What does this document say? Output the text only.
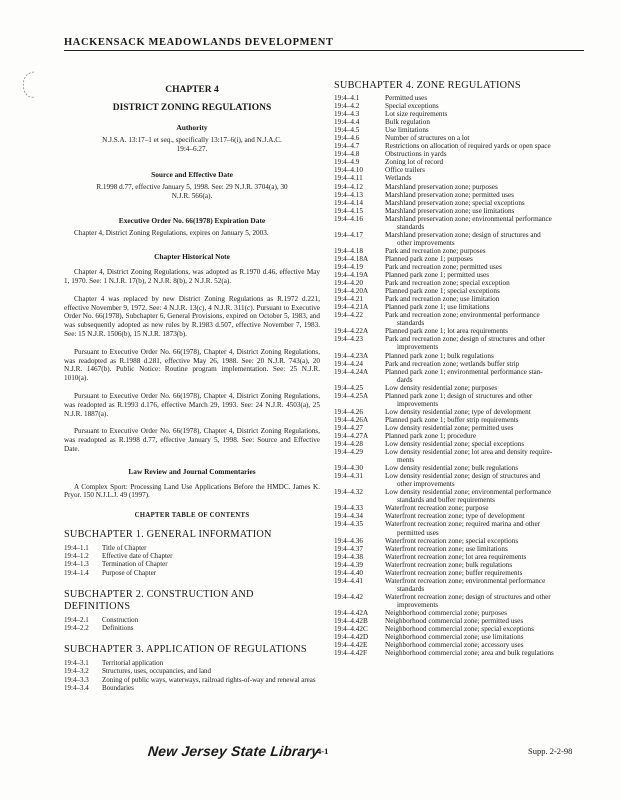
HACKENSACK MEADOWLANDS DEVELOPMENT
CHAPTER 4
DISTRICT ZONING REGULATIONS
Authority
N.J.S.A. 13:17–1 et seq., specifically 13:17–6(i), and N.J.A.C. 19:4–6.27.
Source and Effective Date
R.1998 d.77, effective January 5, 1998. See: 29 N.J.R. 3704(a), 30 N.J.R. 566(a).
Executive Order No. 66(1978) Expiration Date
Chapter 4, District Zoning Regulations, expires on January 5, 2003.
Chapter Historical Note
Chapter 4, District Zoning Regulations, was adopted as R.1970 d.46, effective May 1, 1970. See: 1 N.J.R. 17(b), 2 N.J.R. 8(b), 2 N.J.R. 52(a).
Chapter 4 was replaced by new District Zoning Regulations as R.1972 d.221, effective November 9, 1972. See: 4 N.J.R. 13(c), 4 N.J.R. 311(c). Pursuant to Executive Order No. 66(1978), Subchapter 6, General Provisions, expired on October 5, 1983, and was subsequently adopted as new rules by R.1983 d.507, effective November 7, 1983. See: 15 N.J.R. 1506(b), 15 N.J.R. 1873(b).
Pursuant to Executive Order No. 66(1978), Chapter 4, District Zoning Regulations, was readopted as R.1988 d.281, effective May 26, 1988. See: 20 N.J.R. 743(a), 20 N.J.R. 1467(b). Public Notice: Routine program implementation. See: 25 N.J.R. 1010(a).
Pursuant to Executive Order No. 66(1978), Chapter 4, District Zoning Regulations, was readopted as R.1993 d.176, effective March 29, 1993. See: 24 N.J.R. 4503(a), 25 N.J.R. 1887(a).
Pursuant to Executive Order No. 66(1978), Chapter 4, District Zoning Regulations, was readopted as R.1998 d.77, effective January 5, 1998. See: Source and Effective Date.
Law Review and Journal Commentaries
A Complex Sport: Processing Land Use Applications Before the HMDC. James K. Pryor. 150 N.J.L.J. 49 (1997).
CHAPTER TABLE OF CONTENTS
SUBCHAPTER 1. GENERAL INFORMATION
19:4–1.1	Title of Chapter
19:4–1.2	Effective date of Chapter
19:4–1.3	Termination of Chapter
19:4–1.4	Purpose of Chapter
SUBCHAPTER 2. CONSTRUCTION AND DEFINITIONS
19:4–2.1	Construction
19:4–2.2	Definitions
SUBCHAPTER 3. APPLICATION OF REGULATIONS
19:4–3.1	Territorial application
19:4–3.2	Structures, uses, occupancies, and land
19:4–3.3	Zoning of public ways, waterways, railroad rights-of-way and renewal areas
19:4–3.4	Boundaries
SUBCHAPTER 4. ZONE REGULATIONS
19:4–4.1	Permitted uses
19:4–4.2	Special exceptions
19:4–4.3	Lot size requirements
19:4–4.4	Bulk regulation
19:4–4.5	Use limitations
19:4–4.6	Number of structures on a lot
19:4–4.7	Restrictions on allocation of required yards or open space
19:4–4.8	Obstructions in yards
19:4–4.9	Zoning lot of record
19:4–4.10	Office trailers
19:4–4.11	Wetlands
19:4–4.12	Marshland preservation zone; purposes
19:4–4.13	Marshland preservation zone; permitted uses
19:4–4.14	Marshland preservation zone; special exceptions
19:4–4.15	Marshland preservation zone; use limitations
19:4–4.16	Marshland preservation zone; environmental performance
standards
19:4–4.17	Marshland preservation zone; design of structures and
other improvements
19:4–4.18	Park and recreation zone; purposes
19:4–4.18A	Planned park zone 1; purposes
19:4–4.19	Park and recreation zone; permitted uses
19:4–4.19A	Planned park zone 1; permitted uses
19:4–4.20	Park and recreation zone; special exception
19:4–4.20A	Planned park zone 1; special exceptions
19:4–4.21	Park and recreation zone; use limitation
19:4–4.21A	Planned park zone 1; use limitations
19:4–4.22	Park and recreation zone; environmental performance
standards
19:4–4.22A	Planned park zone 1; lot area requirements
19:4–4.23	Park and recreation zone; design of structures and other
improvements
19:4–4.23A	Planned park zone 1; bulk regulations
19:4–4.24	Park and recreation zone; wetlands buffer strip
19:4–4.24A	Planned park zone 1; environmental performance stan-
dards
19:4–4.25	Low density residential zone; purposes
19:4–4.25A	Planned park zone 1; design of structures and other
improvements
19:4–4.26	Low density residential zone; type of development
19:4–4.26A	Planned park zone 1; buffer strip requirements
19:4–4.27	Low density residential zone; permitted uses
19:4–4.27A	Planned park zone 1; procedure
19:4–4.28	Low density residential zone; special exceptions
19:4–4.29	Low density residential zone; lot area and density require-
ments
19:4–4.30	Low density residential zone; bulk regulations
19:4–4.31	Low density residential zone; design of structures and
other improvements
19:4–4.32	Low density residential zone; environmental performance
standards and buffer requirements
19:4–4.33	Waterfront recreation zone; purpose
19:4–4.34	Waterfront recreation zone; type of development
19:4–4.35	Waterfront recreation zone; required marina and other
permitted uses
19:4–4.36	Waterfront recreation zone; special exceptions
19:4–4.37	Waterfront recreation zone; use limitations
19:4–4.38	Waterfront recreation zone; lot area requirements
19:4–4.39	Waterfront recreation zone; bulk regulations
19:4–4.40	Waterfront recreation zone; buffer requirements
19:4–4.41	Waterfront recreation zone; environmental performance
standards
19:4–4.42	Waterfront recreation zone; design of structures and other
improvements
19:4–4.42A	Neighborhood commercial zone; purposes
19:4–4.42B	Neighborhood commercial zone; permitted uses
19:4–4.42C	Neighborhood commercial zone; special exceptions
19:4–4.42D	Neighborhood commercial zone; use limitations
19:4–4.42E	Neighborhood commercial zone; accessory uses
19:4–4.42F	Neighborhood commercial zone; area and bulk regulations
New Jersey State Library
4-1	Supp. 2-2-98
